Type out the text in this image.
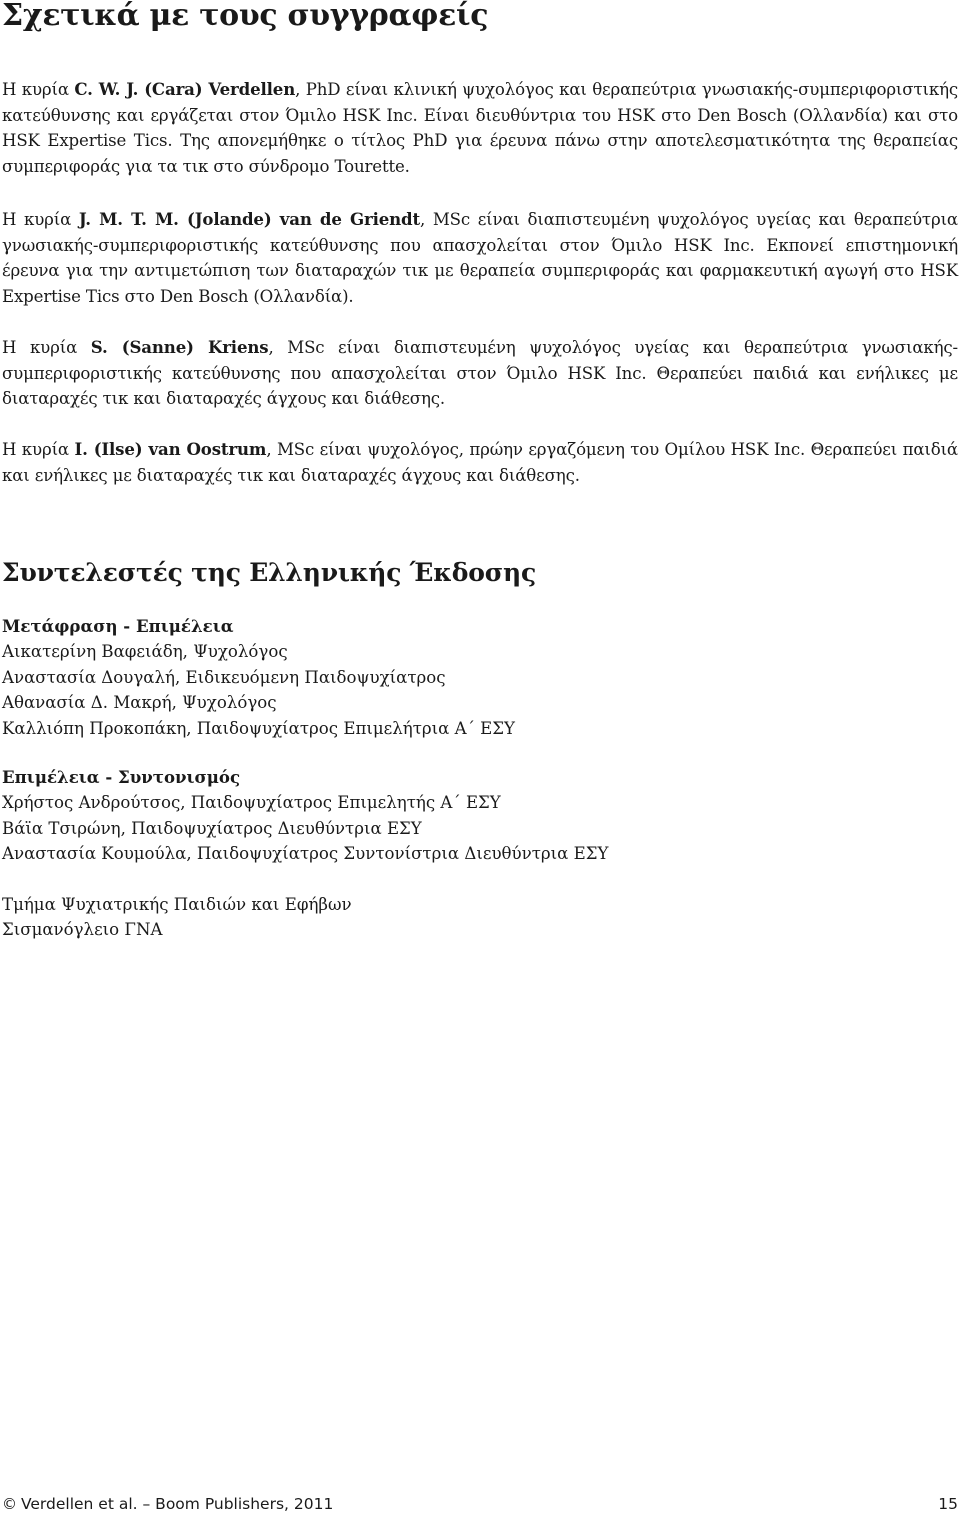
Σχετικά με τους συγγραφείς

Η κυρία C. W. J. (Cara) Verdellen, PhD είναι κλινική ψυχολόγος και θεραπεύτρια γνωσιακής-συμπεριφοριστικής κατεύθυνσης και εργάζεται στον Όμιλο HSK Inc. Είναι διευθύντρια του HSK στο Den Bosch (Ολλανδία) και στο HSK Expertise Tics. Της απονεμήθηκε ο τίτλος PhD για έρευνα πάνω στην αποτελεσματικότητα της θεραπείας συμπεριφοράς για τα τικ στο σύνδρομο Tourette.

Η κυρία J. M. T. M. (Jolande) van de Griendt, MSc είναι διαπιστευμένη ψυχολόγος υγείας και θεραπεύτρια γνωσιακής-συμπεριφοριστικής κατεύθυνσης που απασχολείται στον Όμιλο HSK Inc. Εκπονεί επιστημονική έρευνα για την αντιμετώπιση των διαταραχών τικ με θεραπεία συμπεριφοράς και φαρμακευτική αγωγή στο HSK Expertise Tics στο Den Bosch (Ολλανδία).

Η κυρία S. (Sanne) Kriens, MSc είναι διαπιστευμένη ψυχολόγος υγείας και θεραπεύτρια γνωσιακής-συμπεριφοριστικής κατεύθυνσης που απασχολείται στον Όμιλο HSK Inc. Θεραπεύει παιδιά και ενήλικες με διαταραχές τικ και διαταραχές άγχους και διάθεσης.

Η κυρία I. (Ilse) van Oostrum, MSc είναι ψυχολόγος, πρώην εργαζόμενη του Ομίλου HSK Inc. Θεραπεύει παιδιά και ενήλικες με διαταραχές τικ και διαταραχές άγχους και διάθεσης.

Συντελεστές της Ελληνικής Έκδοσης
Μετάφραση - Επιμέλεια
Αικατερίνη Βαφειάδη, Ψυχολόγος
Αναστασία Δουγαλή, Ειδικευόμενη Παιδοψυχίατρος
Αθανασία Δ. Μακρή, Ψυχολόγος
Καλλιόπη Προκοπάκη, Παιδοψυχίατρος Επιμελήτρια Α΄ ΕΣΥ
Επιμέλεια - Συντονισμός
Χρήστος Ανδρούτσος, Παιδοψυχίατρος Επιμελητής Α΄ ΕΣΥ
Βάϊα Τσιρώνη, Παιδοψυχίατρος Διευθύντρια ΕΣΥ
Αναστασία Κουμούλα, Παιδοψυχίατρος Συντονίστρια Διευθύντρια ΕΣΥ
Τμήμα Ψυχιατρικής Παιδιών και Εφήβων
Σισμανόγλειο ΓΝΑ
© Verdellen et al. – Boom Publishers, 2011	15
